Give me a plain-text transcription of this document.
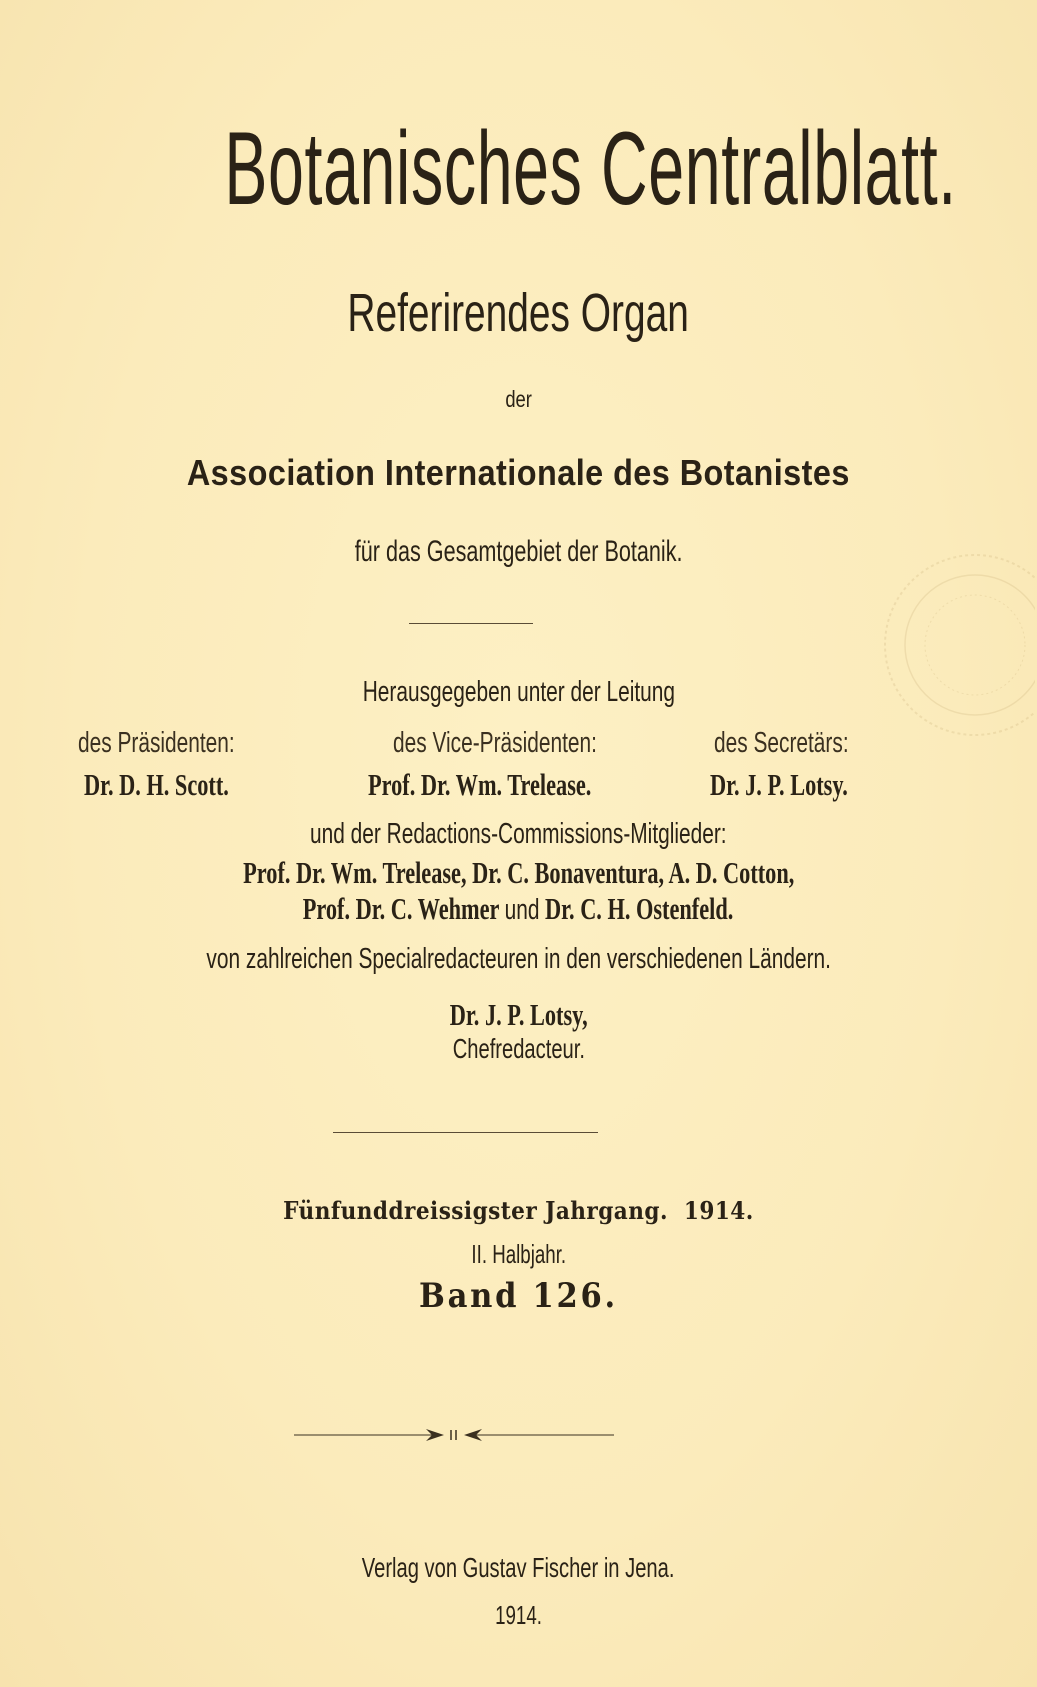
Botanisches Centralblatt.
Referirendes Organ
der
Association Internationale des Botanistes
für das Gesamtgebiet der Botanik.
Herausgegeben unter der Leitung
des Präsidenten:	des Vice-Präsidenten:	des Secretärs:
Dr. D. H. Scott.	Prof. Dr. Wm. Trelease.	Dr. J. P. Lotsy.
und der Redactions-Commissions-Mitglieder:
Prof. Dr. Wm. Trelease, Dr. C. Bonaventura, A. D. Cotton,
Prof. Dr. C. Wehmer und Dr. C. H. Ostenfeld.
von zahlreichen Specialredacteuren in den verschiedenen Ländern.
Dr. J. P. Lotsy,
Chefredacteur.
Fünfunddreissigster Jahrgang.  1914.
II. Halbjahr.
Band 126.
Verlag von Gustav Fischer in Jena.
1914.
